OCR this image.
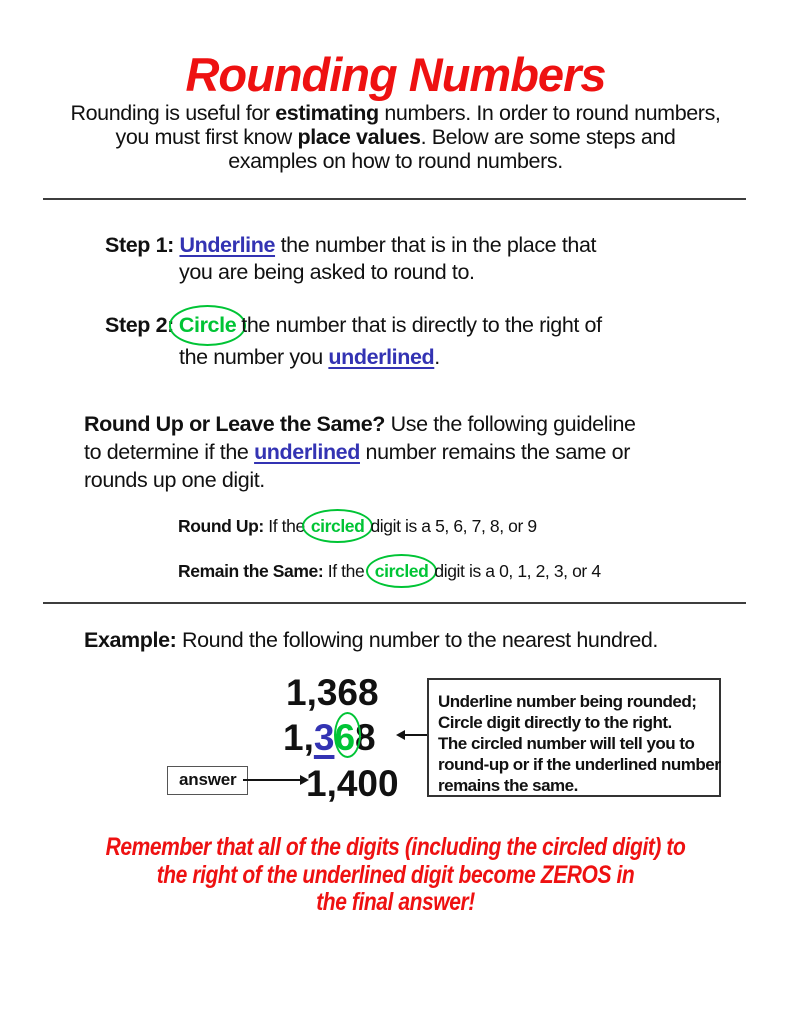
Rounding Numbers
Rounding is useful for estimating numbers. In order to round numbers,
you must first know place values. Below are some steps and
examples on how to round numbers.
Step 1: Underline the number that is in the place that
you are being asked to round to.
Step 2: Circle the number that is directly to the right of
the number you underlined.
Round Up or Leave the Same? Use the following guideline
to determine if the underlined number remains the same or
rounds up one digit.
Round Up: If the circled digit is a 5, 6, 7, 8, or 9
Remain the Same: If the circled digit is a 0, 1, 2, 3, or 4
Example: Round the following number to the nearest hundred.
1,368
1,368
1,400
answer
Underline number being rounded;
Circle digit directly to the right.
The circled number will tell you to
round-up or if the underlined number
remains the same.
Remember that all of the digits (including the circled digit) to
the right of the underlined digit become ZEROS in
the final answer!
